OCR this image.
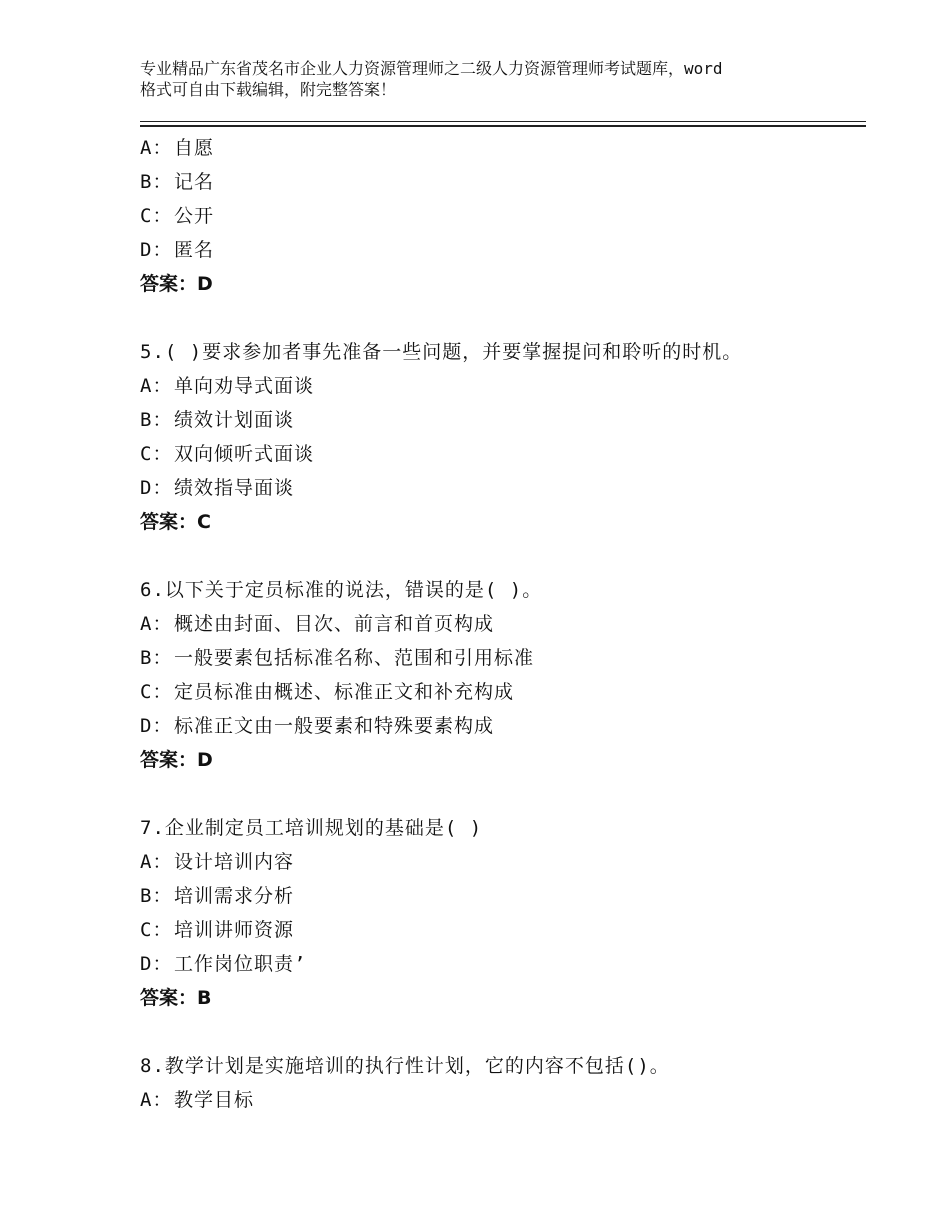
专业精品广东省茂名市企业人力资源管理师之二级人力资源管理师考试题库，word
格式可自由下载编辑，附完整答案！
A：自愿
B：记名
C：公开
D：匿名
答案：D
5.( )要求参加者事先准备一些问题，并要掌握提问和聆听的时机。
A：单向劝导式面谈
B：绩效计划面谈
C：双向倾听式面谈
D：绩效指导面谈
答案：C
6.以下关于定员标准的说法，错误的是( )。
A：概述由封面、目次、前言和首页构成
B：一般要素包括标准名称、范围和引用标准
C：定员标准由概述、标准正文和补充构成
D：标准正文由一般要素和特殊要素构成
答案：D
7.企业制定员工培训规划的基础是( )
A：设计培训内容
B：培训需求分析
C：培训讲师资源
D：工作岗位职责’
答案：B
8.教学计划是实施培训的执行性计划，它的内容不包括()。
A：教学目标
